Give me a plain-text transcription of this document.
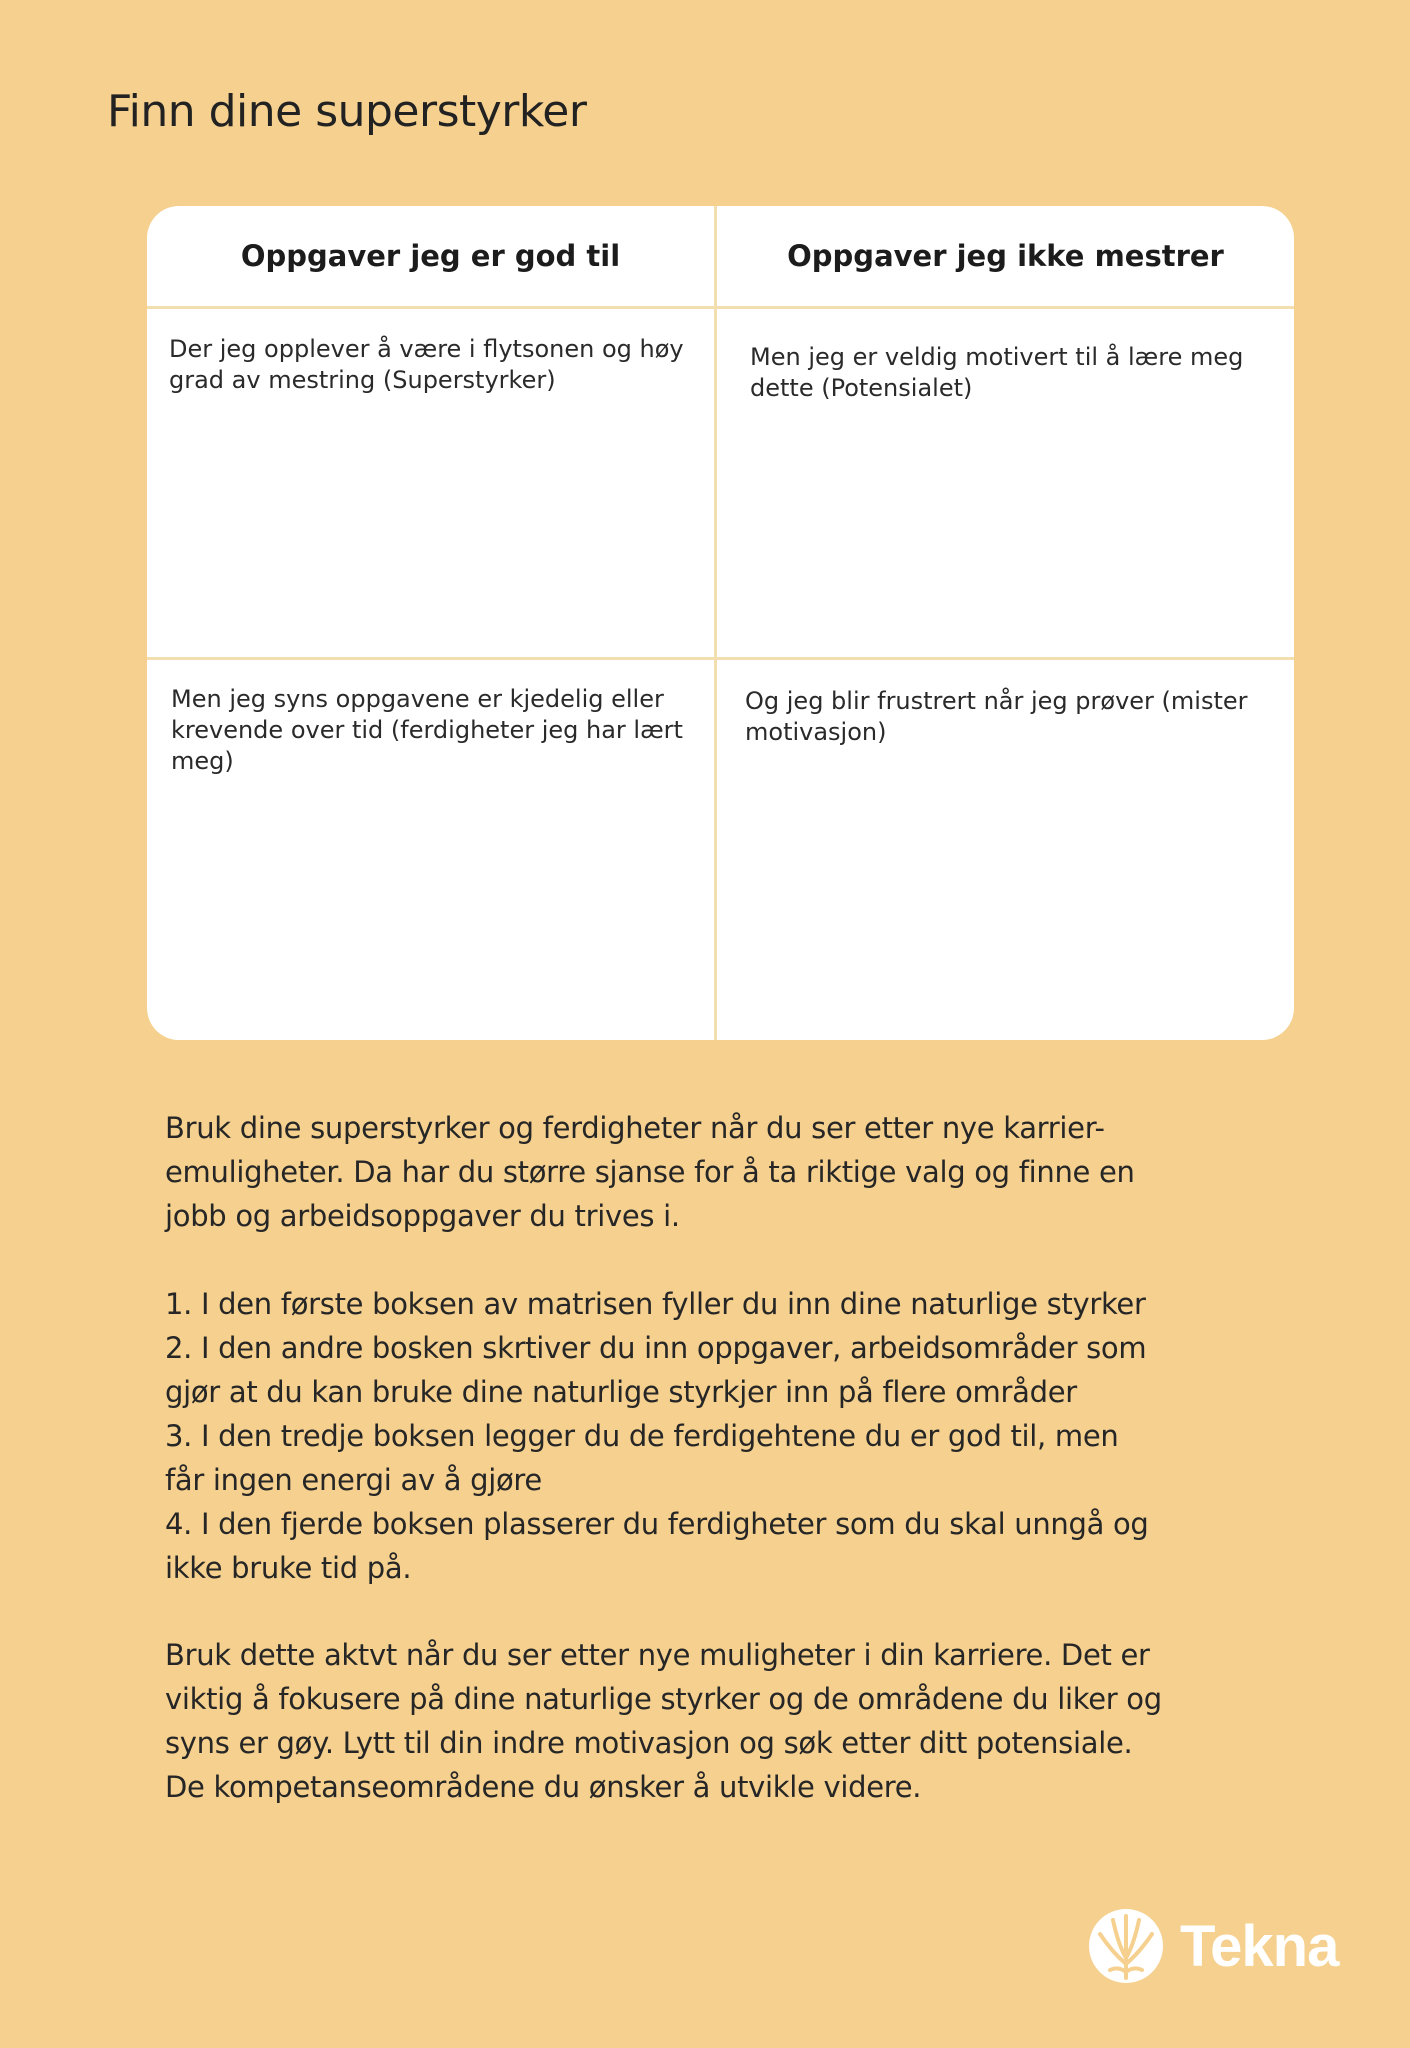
Finn dine superstyrker
Oppgaver jeg er god til	Oppgaver jeg ikke mestrer
Der jeg opplever å være i flytsonen og høy grad av mestring (Superstyrker)
Men jeg er veldig motivert til å lære meg dette (Potensialet)
Men jeg syns oppgavene er kjedelig eller krevende over tid (ferdigheter jeg har lært meg)
Og jeg blir frustrert når jeg prøver (mister motivasjon)

Bruk dine superstyrker og ferdigheter når du ser etter nye karrier-emuligheter. Da har du større sjanse for å ta riktige valg og finne en jobb og arbeidsoppgaver du trives i.

1. I den første boksen av matrisen fyller du inn dine naturlige styrker
2. I den andre bosken skrtiver du inn oppgaver, arbeidsområder som gjør at du kan bruke dine naturlige styrkjer inn på flere områder
3. I den tredje boksen legger du de ferdigehtene du er god til, men får ingen energi av å gjøre
4. I den fjerde boksen plasserer du ferdigheter som du skal unngå og ikke bruke tid på.

Bruk dette aktvt når du ser etter nye muligheter i din karriere. Det er viktig å fokusere på dine naturlige styrker og de områdene du liker og syns er gøy. Lytt til din indre motivasjon og søk etter ditt potensiale. De kompetanseområdene du ønsker å utvikle videre.

Tekna
